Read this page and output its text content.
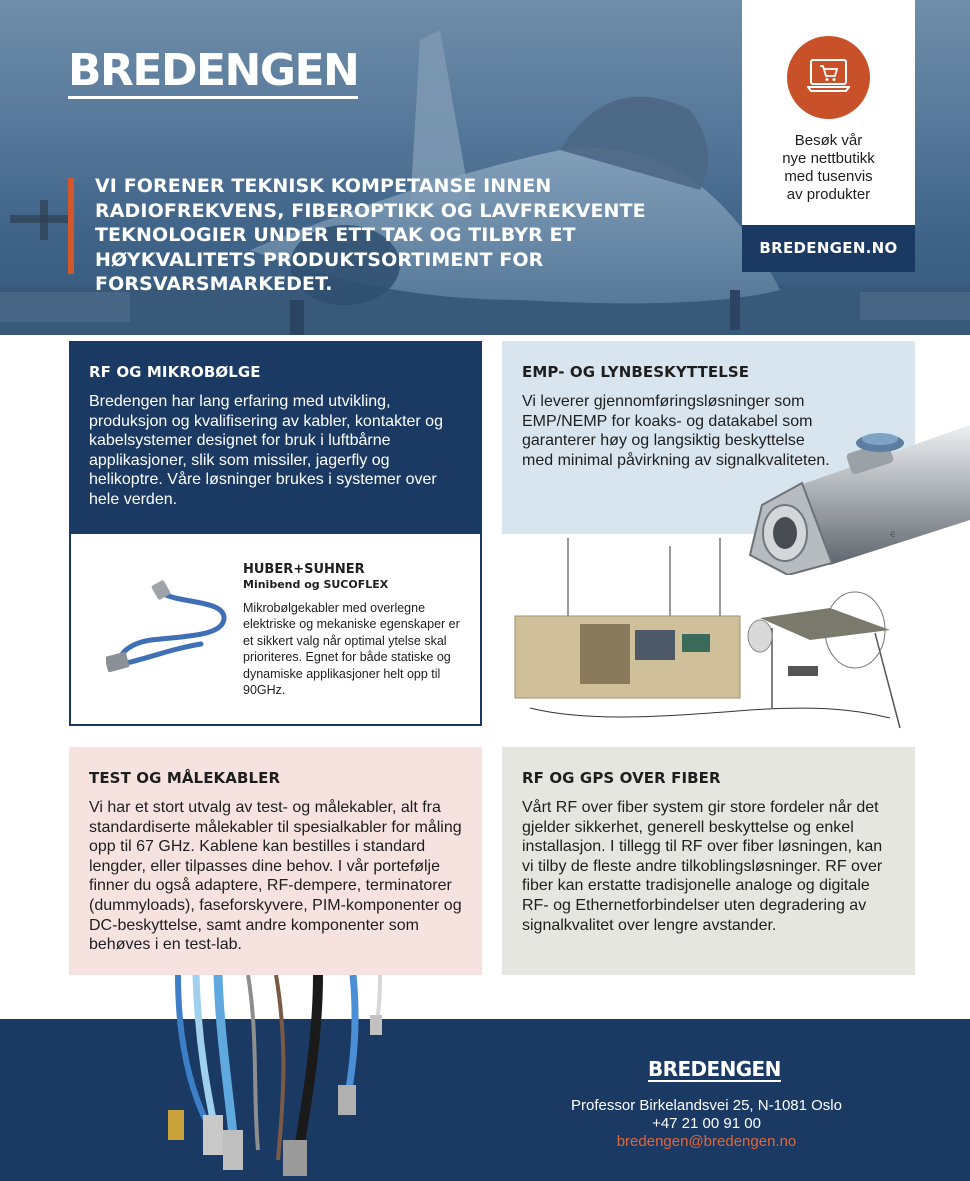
BREDENGEN
VI FORENER TEKNISK KOMPETANSE INNEN RADIOFREKVENS, FIBEROPTIKK OG LAVFREKVENTE TEKNOLOGIER UNDER ETT TAK OG TILBYR ET HØYKVALITETS PRODUKTSORTIMENT FOR FORSVARSMARKEDET.
Besøk vår
nye nettbutikk
med tusenvis
av produkter
BREDENGEN.NO
RF OG MIKROBØLGE

Bredengen har lang erfaring med utvikling, produksjon og kvalifisering av kabler, kontakter og kabelsystemer designet for bruk i luftbårne applikasjoner, slik som missiler, jagerfly og helikoptre. Våre løsninger brukes i systemer over hele verden.

EMP- OG LYNBESKYTTELSE

Vi leverer gjennomføringsløsninger som EMP/NEMP for koaks- og datakabel som garanterer høy og langsiktig beskyttelse med minimal påvirkning av signalkvaliteten.

ϵ
HUBER+SUHNER
Minibend og SUCOFLEX
Mikrobølgekabler med overlegne elektriske og mekaniske egenskaper er et sikkert valg når optimal ytelse skal prioriteres. Egnet for både statiske og dynamiske applikasjoner helt opp til 90GHz.
TEST OG MÅLEKABLER

Vi har et stort utvalg av test- og målekabler, alt fra standardiserte målekabler til spesialkabler for måling opp til 67 GHz. Kablene kan bestilles i standard lengder, eller tilpasses dine behov. I vår portefølje finner du også adaptere, RF-dempere, terminatorer (dummyloads), faseforskyvere, PIM-komponenter og DC-beskyttelse, samt andre komponenter som behøves i en test-lab.

RF OG GPS OVER FIBER

Vårt RF over fiber system gir store fordeler når det gjelder sikkerhet, generell beskyttelse og enkel installasjon. I tillegg til RF over fiber løsningen, kan vi tilby de fleste andre tilkoblingsløsninger. RF over fiber kan erstatte tradisjonelle analoge og digitale RF- og Ethernetforbindelser uten degradering av signalkvalitet over lengre avstander.

BREDENGEN
Professor Birkelandsvei 25, N-1081 Oslo
+47 21 00 91 00
bredengen@bredengen.no
